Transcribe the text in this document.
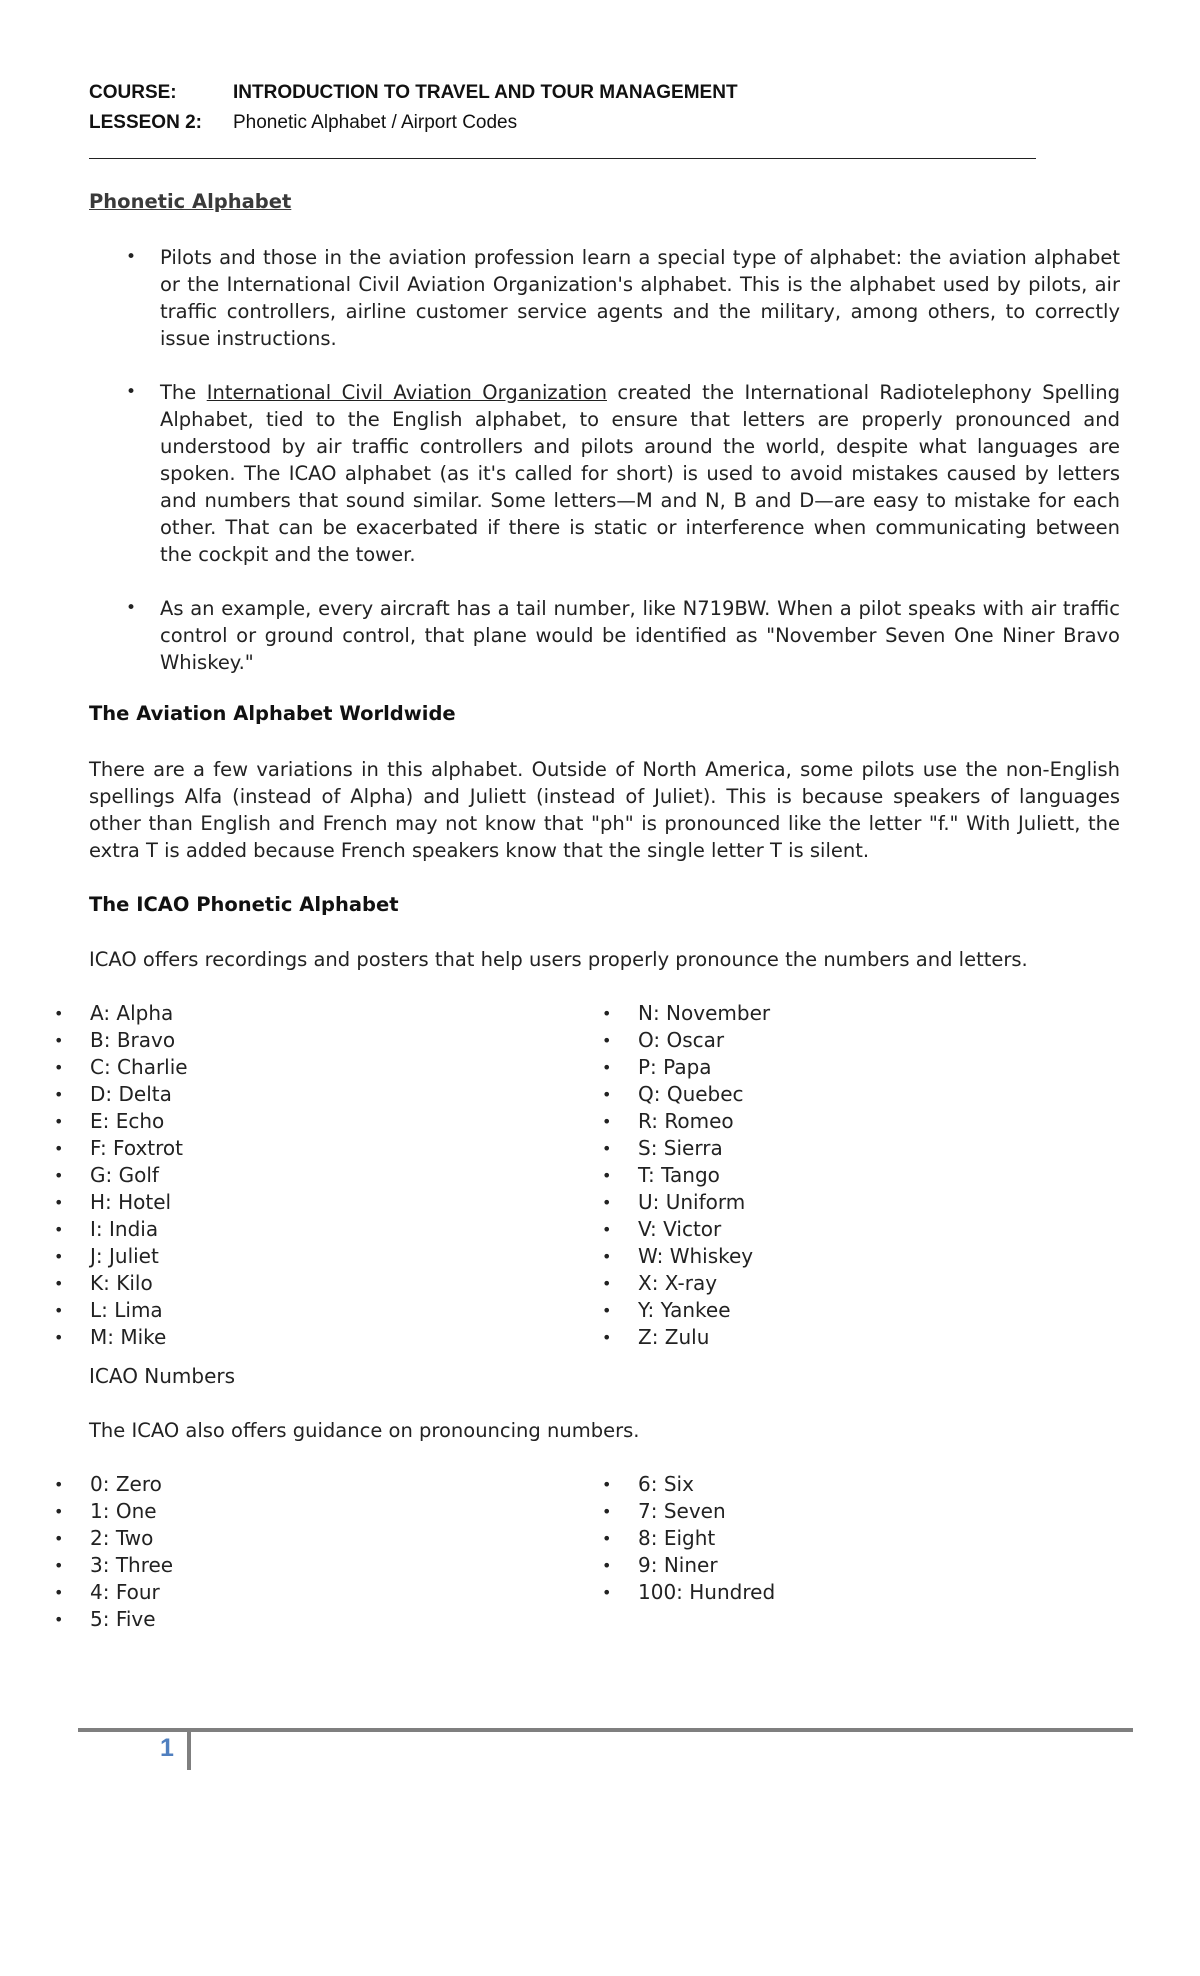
COURSE:	INTRODUCTION TO TRAVEL AND TOUR MANAGEMENT
LESSEON 2:	Phonetic Alphabet / Airport Codes
Phonetic Alphabet
• Pilots and those in the aviation profession learn a special type of alphabet: the aviation alphabet or the International Civil Aviation Organization's alphabet. This is the alphabet used by pilots, air traffic controllers, airline customer service agents and the military, among others, to correctly issue instructions.
• The International Civil Aviation Organization created the International Radiotelephony Spelling Alphabet, tied to the English alphabet, to ensure that letters are properly pronounced and understood by air traffic controllers and pilots around the world, despite what languages are spoken. The ICAO alphabet (as it's called for short) is used to avoid mistakes caused by letters and numbers that sound similar. Some letters—M and N, B and D—are easy to mistake for each other. That can be exacerbated if there is static or interference when communicating between the cockpit and the tower.
• As an example, every aircraft has a tail number, like N719BW. When a pilot speaks with air traffic control or ground control, that plane would be identified as "November Seven One Niner Bravo Whiskey."
The Aviation Alphabet Worldwide
There are a few variations in this alphabet. Outside of North America, some pilots use the non-English spellings Alfa (instead of Alpha) and Juliett (instead of Juliet). This is because speakers of languages other than English and French may not know that "ph" is pronounced like the letter "f." With Juliett, the extra T is added because French speakers know that the single letter T is silent.
The ICAO Phonetic Alphabet
ICAO offers recordings and posters that help users properly pronounce the numbers and letters.
• A: Alpha
• B: Bravo
• C: Charlie
• D: Delta
• E: Echo
• F: Foxtrot
• G: Golf
• H: Hotel
• I: India
• J: Juliet
• K: Kilo
• L: Lima
• M: Mike
• N: November
• O: Oscar
• P: Papa
• Q: Quebec
• R: Romeo
• S: Sierra
• T: Tango
• U: Uniform
• V: Victor
• W: Whiskey
• X: X-ray
• Y: Yankee
• Z: Zulu
ICAO Numbers
The ICAO also offers guidance on pronouncing numbers.
• 0: Zero
• 1: One
• 2: Two
• 3: Three
• 4: Four
• 5: Five
• 6: Six
• 7: Seven
• 8: Eight
• 9: Niner
• 100: Hundred
1
